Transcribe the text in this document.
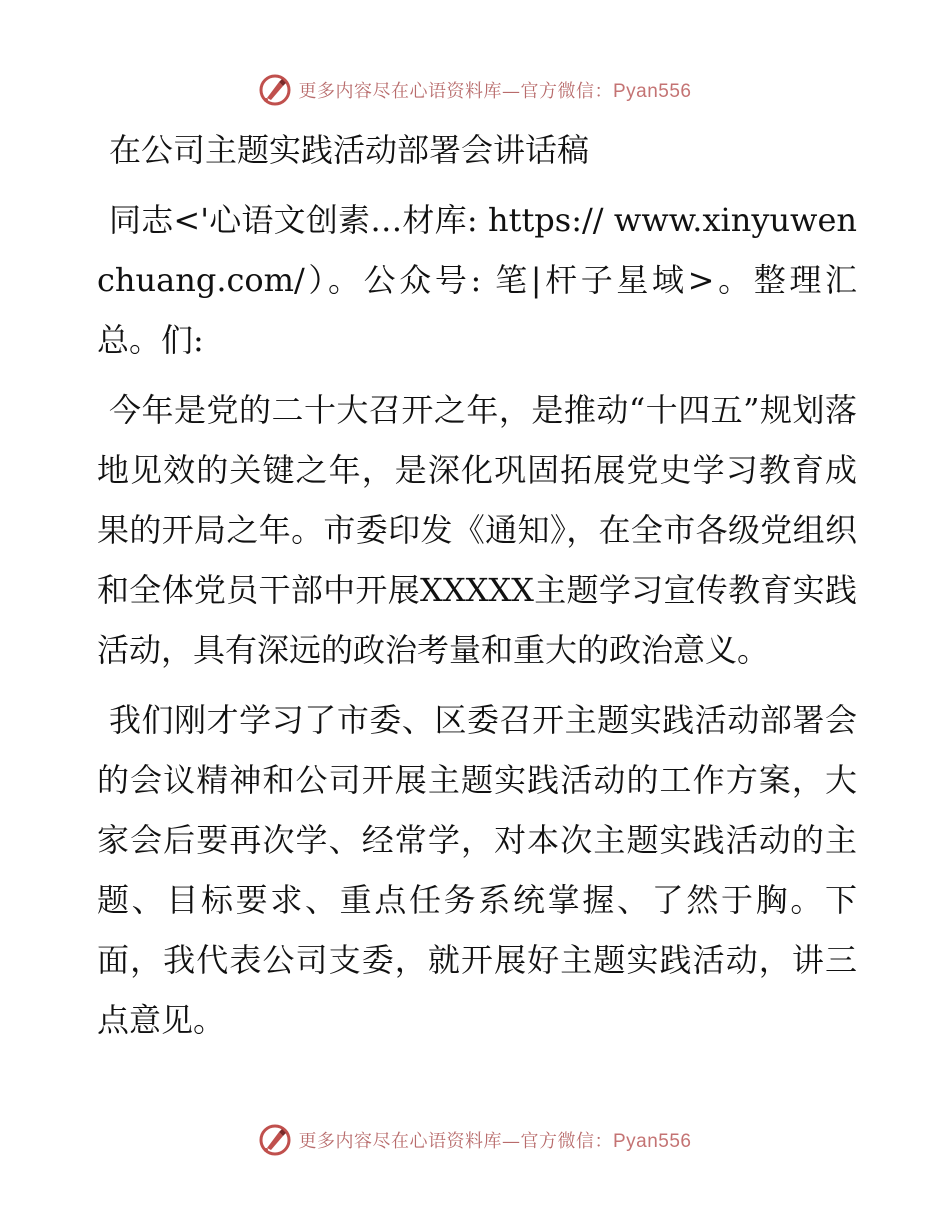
更多内容尽在心语资料库—官方微信：Pyan556

在公司主题实践活动部署会讲话稿

同志<'心语文创素…材库: https:// www.xinyuwenchuang.com/）。公众号: 笔|杆子星域>。整理汇总。们:

今年是党的二十大召开之年，是推动“十四五”规划落地见效的关键之年，是深化巩固拓展党史学习教育成果的开局之年。市委印发《通知》，在全市各级党组织和全体党员干部中开展XXXXX主题学习宣传教育实践活动，具有深远的政治考量和重大的政治意义。

我们刚才学习了市委、区委召开主题实践活动部署会的会议精神和公司开展主题实践活动的工作方案，大家会后要再次学、经常学，对本次主题实践活动的主题、目标要求、重点任务系统掌握、了然于胸。下面，我代表公司支委，就开展好主题实践活动，讲三点意见。

更多内容尽在心语资料库—官方微信：Pyan556
